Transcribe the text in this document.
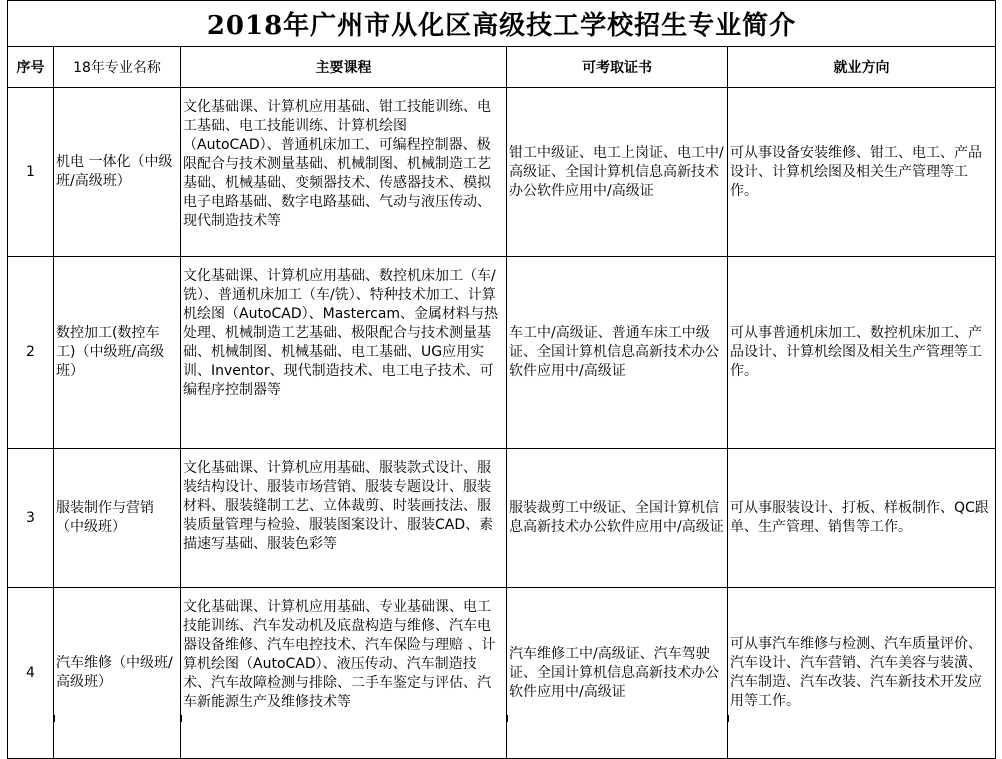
2018年广州市从化区高级技工学校招生专业简介				
序号	18年专业名称	主要课程	可考取证书	就业方向
1	机电 一体化（中级班/高级班）	文化基础课、计算机应用基础、钳工技能训练、电工基础、电工技能训练、计算机绘图（AutoCAD）、普通机床加工、可编程控制器、极限配合与技术测量基础、机械制图、机械制造工艺基础、机械基础、变频器技术、传感器技术、模拟电子电路基础、数字电路基础、气动与液压传动、现代制造技术等	钳工中级证、电工上岗证、电工中/高级证、全国计算机信息高新技术办公软件应用中/高级证	可从事设备安装维修、钳工、电工、产品设计、计算机绘图及相关生产管理等工作。
2	数控加工(数控车工)（中级班/高级班）	文化基础课、计算机应用基础、数控机床加工（车/铣）、普通机床加工（车/铣）、特种技术加工、计算机绘图（AutoCAD）、Mastercam、金属材料与热处理、机械制造工艺基础、极限配合与技术测量基础、机械制图、机械基础、电工基础、UG应用实训、Inventor、现代制造技术、电工电子技术、可编程序控制器等	车工中/高级证、普通车床工中级证、全国计算机信息高新技术办公软件应用中/高级证	可从事普通机床加工、数控机床加工、产品设计、计算机绘图及相关生产管理等工作。
3	服装制作与营销（中级班）	文化基础课、计算机应用基础、服装款式设计、服装结构设计、服装市场营销、服装专题设计、服装材料、服装缝制工艺、立体裁剪、时装画技法、服装质量管理与检验、服装图案设计、服装CAD、素描速写基础、服装色彩等	服装裁剪工中级证、全国计算机信息高新技术办公软件应用中/高级证	可从事服装设计、打板、样板制作、QC跟单、生产管理、销售等工作。
4	汽车维修（中级班/高级班）	文化基础课、计算机应用基础、专业基础课、电工技能训练、汽车发动机及底盘构造与维修、汽车电器设备维修、汽车电控技术、汽车保险与理赔 、计算机绘图（AutoCAD）、液压传动、汽车制造技术、汽车故障检测与排除、二手车鉴定与评估、汽车新能源生产及维修技术等	汽车维修工中/高级证、汽车驾驶证、全国计算机信息高新技术办公软件应用中/高级证	可从事汽车维修与检测、汽车质量评价、汽车设计、汽车营销、汽车美容与装潢、汽车制造、汽车改装、汽车新技术开发应用等工作。
